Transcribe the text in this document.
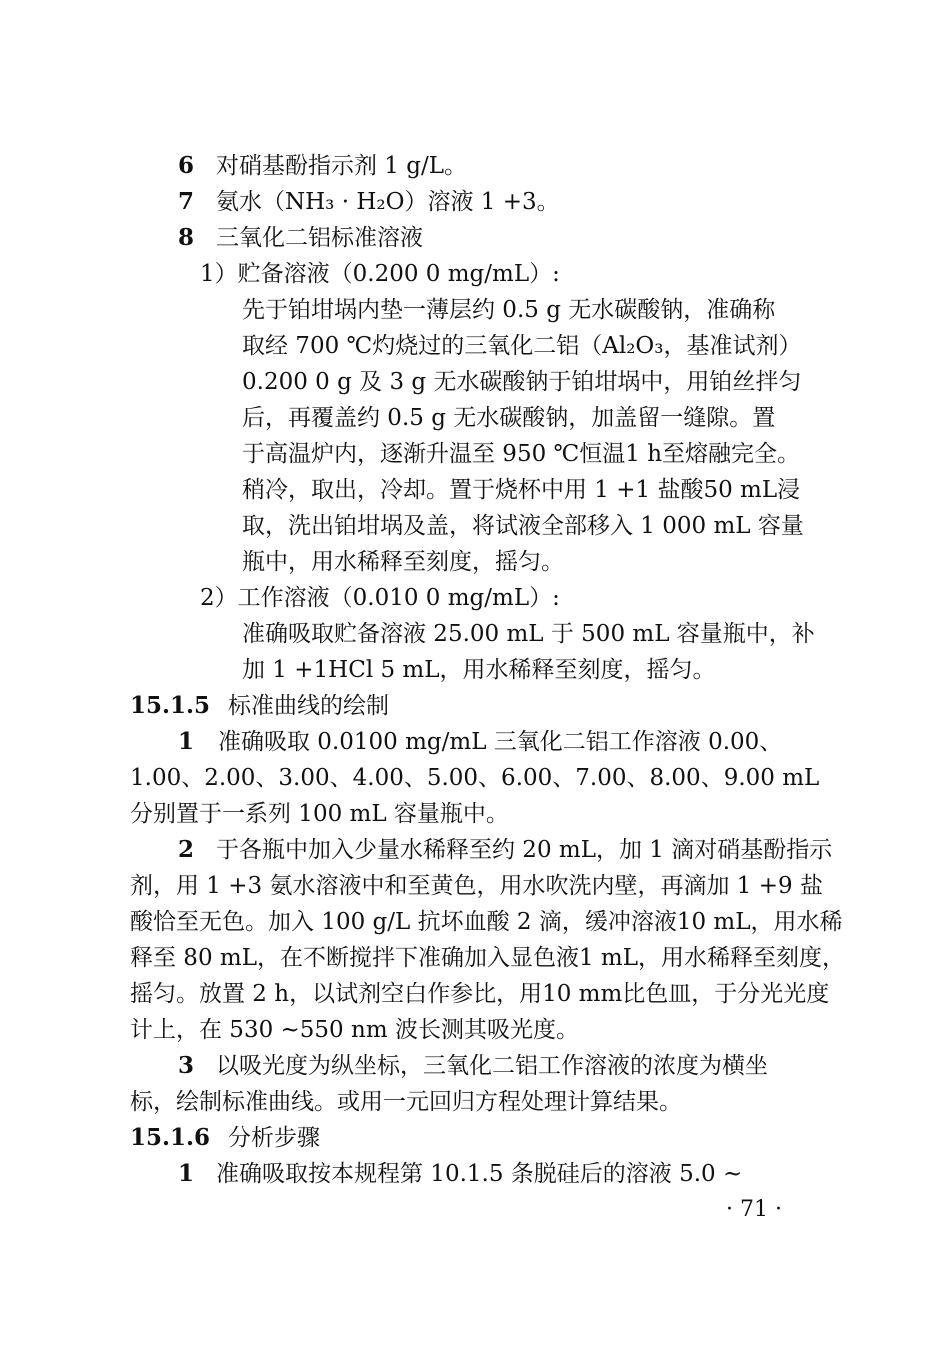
6 对硝基酚指示剂 1 g/L。
7 氨水（NH₃ · H₂O）溶液 1 +3。
8 三氧化二铝标准溶液
1）贮备溶液（0.200 0 mg/mL）:
先于铂坩埚内垫一薄层约 0.5 g 无水碳酸钠，准确称
取经 700 ℃灼烧过的三氧化二铝（Al₂O₃，基准试剂）
0.200 0 g 及 3 g 无水碳酸钠于铂坩埚中，用铂丝拌匀
后，再覆盖约 0.5 g 无水碳酸钠，加盖留一缝隙。置
于高温炉内，逐渐升温至 950 ℃恒温1 h至熔融完全。
稍冷，取出，冷却。置于烧杯中用 1 +1 盐酸50 mL浸
取，洗出铂坩埚及盖，将试液全部移入 1 000 mL 容量
瓶中，用水稀释至刻度，摇匀。
2）工作溶液（0.010 0 mg/mL）:
准确吸取贮备溶液 25.00 mL 于 500 mL 容量瓶中，补
加 1 +1HCl 5 mL，用水稀释至刻度，摇匀。
15.1.5 标准曲线的绘制
1 准确吸取 0.0100 mg/mL 三氧化二铝工作溶液 0.00、
1.00、2.00、3.00、4.00、5.00、6.00、7.00、8.00、9.00 mL
分别置于一系列 100 mL 容量瓶中。
2 于各瓶中加入少量水稀释至约 20 mL，加 1 滴对硝基酚指示
剂，用 1 +3 氨水溶液中和至黄色，用水吹洗内壁，再滴加 1 +9 盐
酸恰至无色。加入 100 g/L 抗坏血酸 2 滴，缓冲溶液10 mL，用水稀
释至 80 mL，在不断搅拌下准确加入显色液1 mL，用水稀释至刻度，
摇匀。放置 2 h，以试剂空白作参比，用10 mm比色皿，于分光光度
计上，在 530 ~550 nm 波长测其吸光度。
3 以吸光度为纵坐标，三氧化二铝工作溶液的浓度为横坐
标，绘制标准曲线。或用一元回归方程处理计算结果。
15.1.6 分析步骤
1 准确吸取按本规程第 10.1.5 条脱硅后的溶液 5.0 ~
· 71 ·
